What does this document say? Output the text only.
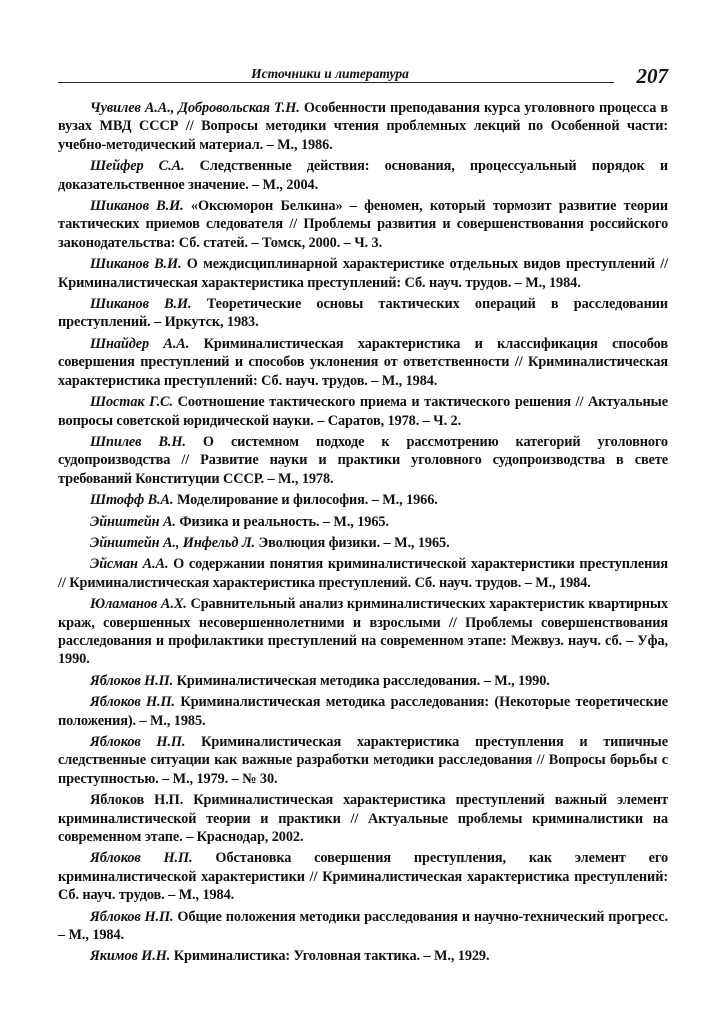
Источники и литература	207

Чувилев А.А., Добровольская Т.Н. Особенности преподавания курса уголовного процесса в вузах МВД СССР // Вопросы методики чтения проблемных лекций по Особенной части: учебно-методический материал. – М., 1986.

Шейфер С.А. Следственные действия: основания, процессуальный порядок и доказательственное значение. – М., 2004.

Шиканов В.И. «Оксюморон Белкина» – феномен, который тормозит развитие теории тактических приемов следователя // Проблемы развития и совершенствования российского законодательства: Сб. статей. – Томск, 2000. – Ч. 3.

Шиканов В.И. О междисциплинарной характеристике отдельных видов преступлений // Криминалистическая характеристика преступлений: Сб. науч. трудов. – М., 1984.

Шиканов В.И. Теоретические основы тактических операций в расследовании преступлений. – Иркутск, 1983.

Шнайдер А.А. Криминалистическая характеристика и классификация способов совершения преступлений и способов уклонения от ответственности // Криминалистическая характеристика преступлений: Сб. науч. трудов. – М., 1984.

Шостак Г.С. Соотношение тактического приема и тактического решения // Актуальные вопросы советской юридической науки. – Саратов, 1978. – Ч. 2.

Шпилев В.Н. О системном подходе к рассмотрению категорий уголовного судопроизводства // Развитие науки и практики уголовного судопроизводства в свете требований Конституции СССР. – М., 1978.

Штофф В.А. Моделирование и философия. – М., 1966.

Эйнштейн А. Физика и реальность. – М., 1965.

Эйнштейн А., Инфельд Л. Эволюция физики. – М., 1965.

Эйсман А.А. О содержании понятия криминалистической характеристики преступления // Криминалистическая характеристика преступлений. Сб. науч. трудов. – М., 1984.

Юламанов А.Х. Сравнительный анализ криминалистических характеристик квартирных краж, совершенных несовершеннолетними и взрослыми // Проблемы совершенствования расследования и профилактики преступлений на современном этапе: Межвуз. науч. сб. – Уфа, 1990.

Яблоков Н.П. Криминалистическая методика расследования. – М., 1990.

Яблоков Н.П. Криминалистическая методика расследования: (Некоторые теоретические положения). – М., 1985.

Яблоков Н.П. Криминалистическая характеристика преступления и типичные следственные ситуации как важные разработки методики расследования // Вопросы борьбы с преступностью. – М., 1979. – № 30.

Яблоков Н.П. Криминалистическая характеристика преступлений важный элемент криминалистической теории и практики // Актуальные проблемы криминалистики на современном этапе. – Краснодар, 2002.

Яблоков Н.П. Обстановка совершения преступления, как элемент его криминалистической характеристики // Криминалистическая характеристика преступлений: Сб. науч. трудов. – М., 1984.

Яблоков Н.П. Общие положения методики расследования и научно-технический прогресс. – М., 1984.

Якимов И.Н. Криминалистика: Уголовная тактика. – М., 1929.
